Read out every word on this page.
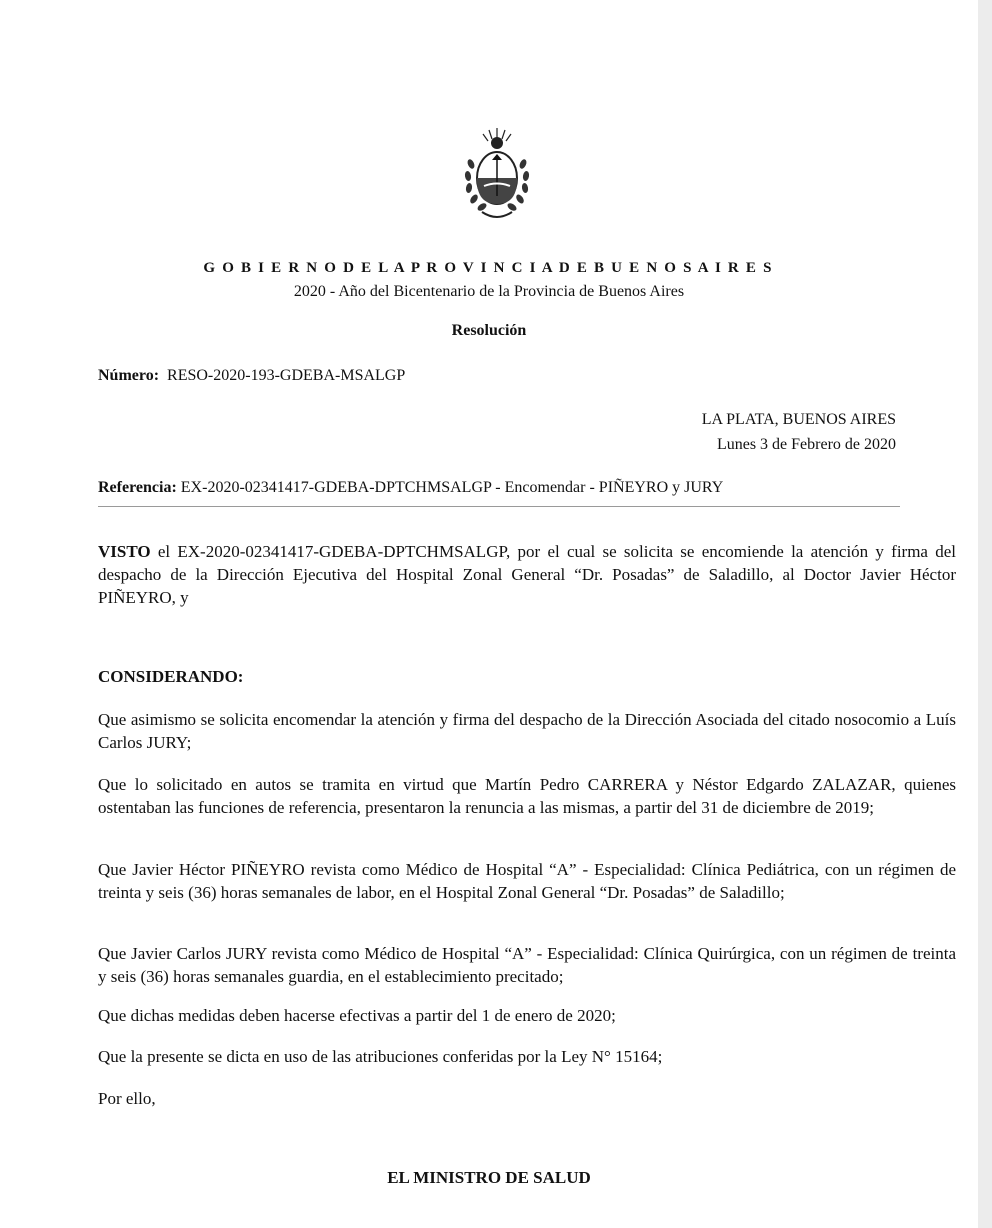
G O B I E R N O D E L A P R O V I N C I A D E B U E N O S A I R E S
2020 - Año del Bicentenario de la Provincia de Buenos Aires
Resolución
Número: RESO-2020-193-GDEBA-MSALGP
LA PLATA, BUENOS AIRES
Lunes 3 de Febrero de 2020
Referencia: EX-2020-02341417-GDEBA-DPTCHMSALGP - Encomendar - PIÑEYRO y JURY

VISTO el EX-2020-02341417-GDEBA-DPTCHMSALGP, por el cual se solicita se encomiende la atención y firma del despacho de la Dirección Ejecutiva del Hospital Zonal General “Dr. Posadas” de Saladillo, al Doctor Javier Héctor PIÑEYRO, y

CONSIDERANDO:

Que asimismo se solicita encomendar la atención y firma del despacho de la Dirección Asociada del citado nosocomio a Luís Carlos JURY;

Que lo solicitado en autos se tramita en virtud que Martín Pedro CARRERA y Néstor Edgardo ZALAZAR, quienes ostentaban las funciones de referencia, presentaron la renuncia a las mismas, a partir del 31 de diciembre de 2019;

Que Javier Héctor PIÑEYRO revista como Médico de Hospital “A” - Especialidad: Clínica Pediátrica, con un régimen de treinta y seis (36) horas semanales de labor, en el Hospital Zonal General “Dr. Posadas” de Saladillo;

Que Javier Carlos JURY revista como Médico de Hospital “A” - Especialidad: Clínica Quirúrgica, con un régimen de treinta y seis (36) horas semanales guardia, en el establecimiento precitado;

Que dichas medidas deben hacerse efectivas a partir del 1 de enero de 2020;

Que la presente se dicta en uso de las atribuciones conferidas por la Ley N° 15164;

Por ello,

EL MINISTRO DE SALUD
